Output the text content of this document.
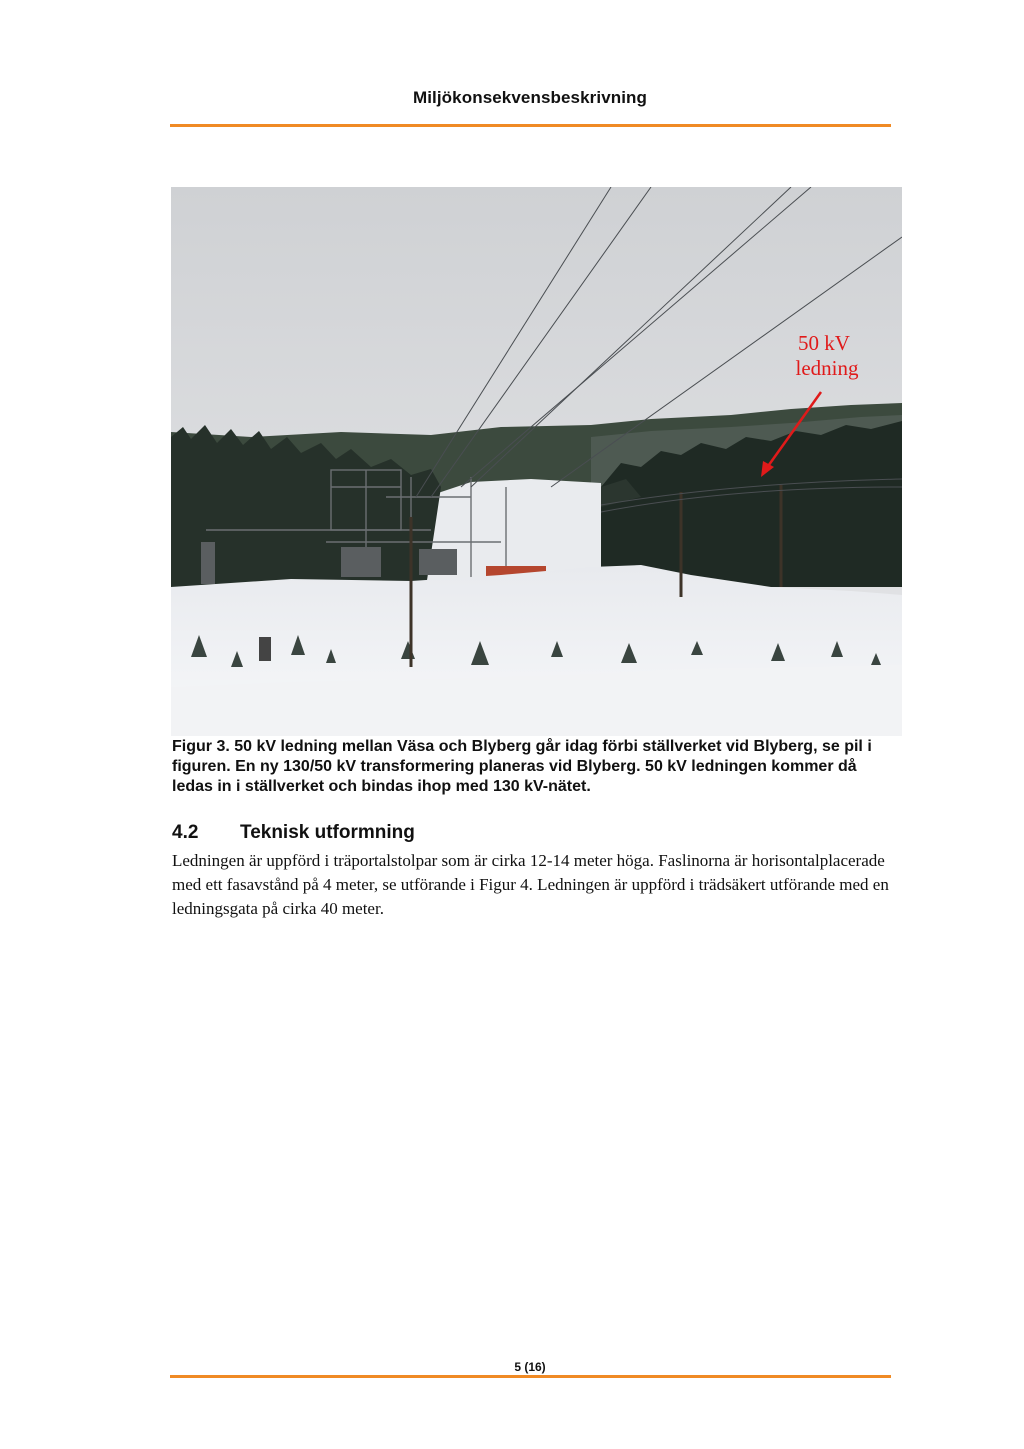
Miljökonsekvensbeskrivning
50 kV
ledning
Figur 3. 50 kV ledning mellan Väsa och Blyberg går idag förbi ställverket vid Blyberg, se pil i figuren. En ny 130/50 kV transformering planeras vid Blyberg. 50 kV ledningen kommer då ledas in i ställverket och bindas ihop med 130 kV-nätet.
4.2 Teknisk utformning
Ledningen är uppförd i träportalstolpar som är cirka 12-14 meter höga. Faslinorna är horisontalplacerade med ett fasavstånd på 4 meter, se utförande i Figur 4. Ledningen är uppförd i trädsäkert utförande med en ledningsgata på cirka 40 meter.
5 (16)
